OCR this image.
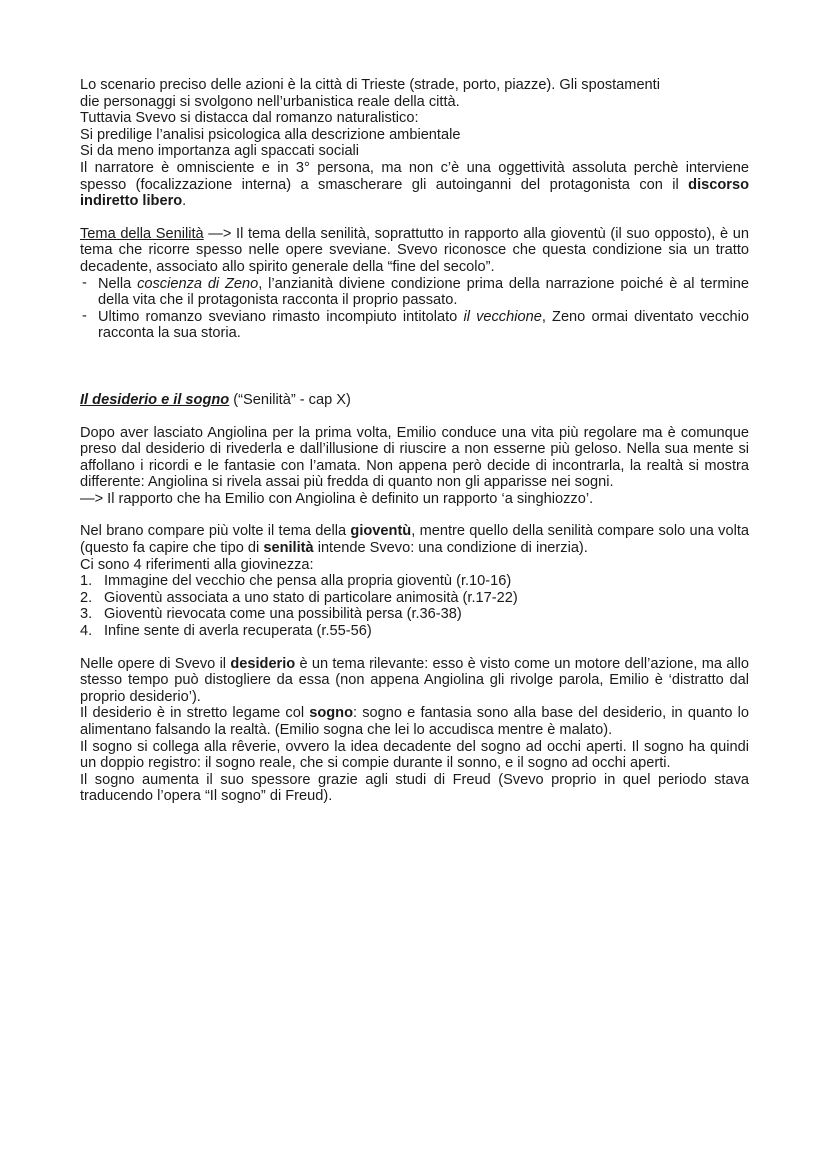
Lo scenario preciso delle azioni è la città di Trieste (strade, porto, piazze). Gli spostamenti

die personaggi si svolgono nell’urbanistica reale della città.

Tuttavia Svevo si distacca dal romanzo naturalistico:

Si predilige l’analisi psicologica alla descrizione ambientale

Si da meno importanza agli spaccati sociali

Il narratore è omnisciente e in 3° persona, ma non c’è una oggettività assoluta perchè interviene spesso (focalizzazione interna) a smascherare gli autoinganni del protagonista con il discorso indiretto libero.

Tema della Senilità —> Il tema della senilità, soprattutto in rapporto alla gioventù (il suo opposto), è un tema che ricorre spesso nelle opere sveviane. Svevo riconosce che questa condizione sia un tratto decadente, associato allo spirito generale della “fine del secolo”.

- Nella coscienza di Zeno, l’anzianità diviene condizione prima della narrazione poiché è al termine della vita che il protagonista racconta il proprio passato.
- Ultimo romanzo sveviano rimasto incompiuto intitolato il vecchione, Zeno ormai diventato vecchio racconta la sua storia.

Il desiderio e il sogno (“Senilità” - cap X)

Dopo aver lasciato Angiolina per la prima volta, Emilio conduce una vita più regolare ma è comunque preso dal desiderio di rivederla e dall’illusione di riuscire a non esserne più geloso. Nella sua mente si affollano i ricordi e le fantasie con l’amata. Non appena però decide di incontrarla, la realtà si mostra differente: Angiolina si rivela assai più fredda di quanto non gli apparisse nei sogni.

—> Il rapporto che ha Emilio con Angiolina è definito un rapporto ‘a singhiozzo’.

Nel brano compare più volte il tema della gioventù, mentre quello della senilità compare solo una volta (questo fa capire che tipo di senilità intende Svevo: una condizione di inerzia).

Ci sono 4 riferimenti alla giovinezza:

1. Immagine del vecchio che pensa alla propria gioventù (r.10-16)
2. Gioventù associata a uno stato di particolare animosità (r.17-22)
3. Gioventù rievocata come una possibilità persa (r.36-38)
4. Infine sente di averla recuperata (r.55-56)

Nelle opere di Svevo il desiderio è un tema rilevante: esso è visto come un motore dell’azione, ma allo stesso tempo può distogliere da essa (non appena Angiolina gli rivolge parola, Emilio è ‘distratto dal proprio desiderio’).

Il desiderio è in stretto legame col sogno: sogno e fantasia sono alla base del desiderio, in quanto lo alimentano falsando la realtà. (Emilio sogna che lei lo accudisca mentre è malato).

Il sogno si collega alla rêverie, ovvero la idea decadente del sogno ad occhi aperti. Il sogno ha quindi un doppio registro: il sogno reale, che si compie durante il sonno, e il sogno ad occhi aperti.

Il sogno aumenta il suo spessore grazie agli studi di Freud (Svevo proprio in quel periodo stava traducendo l’opera “Il sogno” di Freud).
